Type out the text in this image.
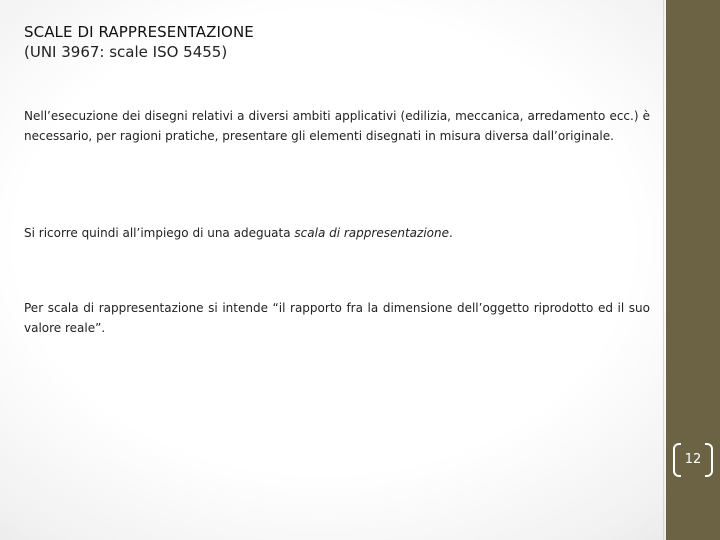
SCALE DI RAPPRESENTAZIONE
(UNI 3967: scale ISO 5455)
Nell’esecuzione dei disegni relativi a diversi ambiti applicativi (edilizia, meccanica, arredamento ecc.) è necessario, per ragioni pratiche, presentare gli elementi disegnati in misura diversa dall’originale.
Si ricorre quindi all’impiego di una adeguata scala di rappresentazione.
Per scala di rappresentazione si intende “il rapporto fra la dimensione dell’oggetto riprodotto ed il suo valore reale”.
12
